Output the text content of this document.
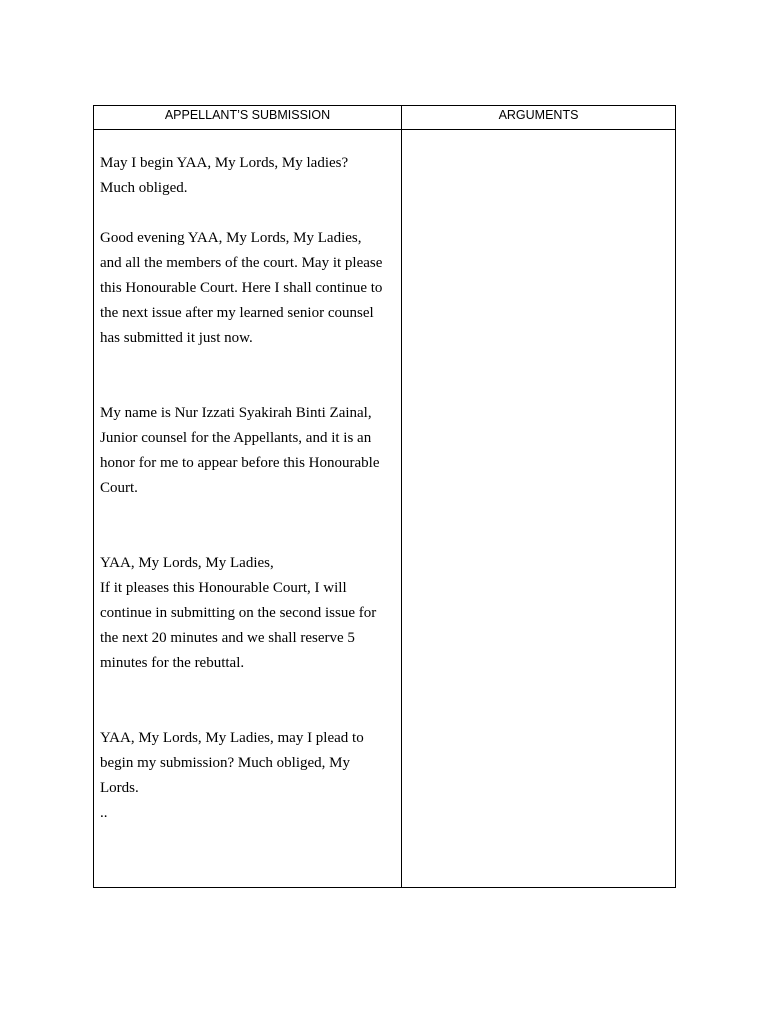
APPELLANT’S SUBMISSION	ARGUMENTS
May I begin YAA, My Lords, My ladies?
Much obliged.
Good evening YAA, My Lords, My Ladies,
and all the members of the court. May it please
this Honourable Court. Here I shall continue to
the next issue after my learned senior counsel
has submitted it just now.
My name is Nur Izzati Syakirah Binti Zainal,
Junior counsel for the Appellants, and it is an
honor for me to appear before this Honourable
Court.
YAA, My Lords, My Ladies,
If it pleases this Honourable Court, I will
continue in submitting on the second issue for
the next 20 minutes and we shall reserve 5
minutes for the rebuttal.
YAA, My Lords, My Ladies, may I plead to
begin my submission? Much obliged, My
Lords.
..
